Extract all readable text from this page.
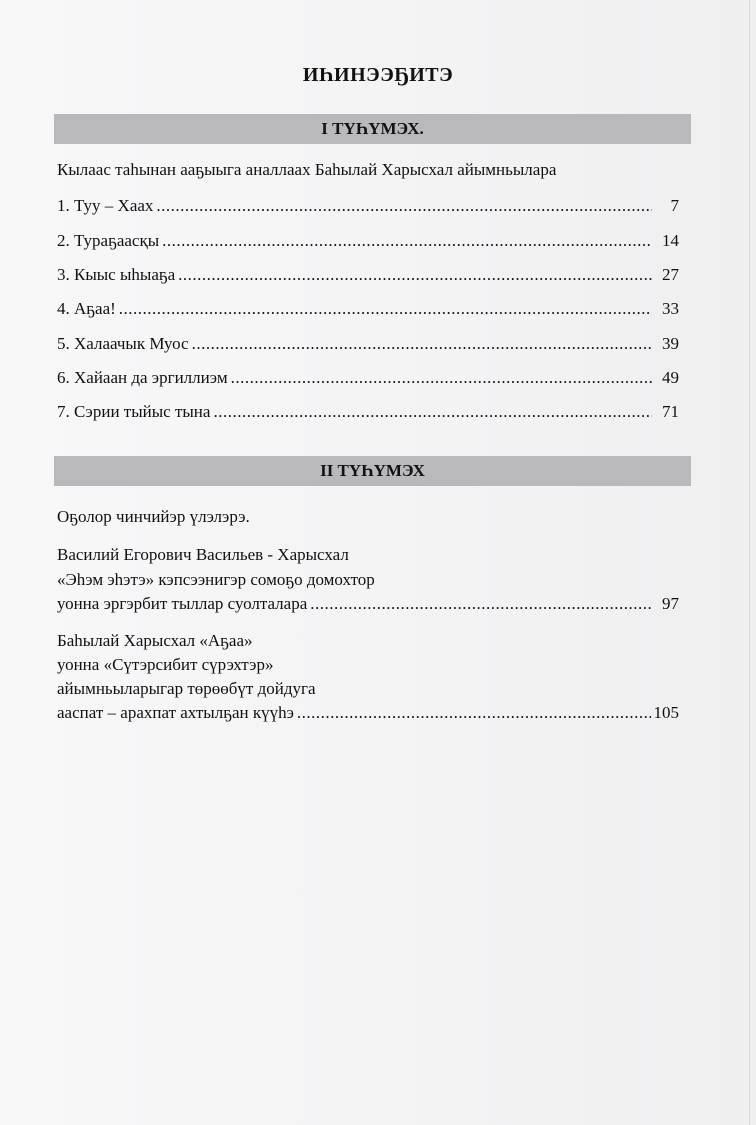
ИҺИНЭЭҔИТЭ
I ТҮҺҮМЭХ.
Кылаас таһынан ааҕыыга аналлаах Баһылай Харысхал айымньылара
1. Туу – Хаах .....	7
2. Тураҕаасқы .....	14
3. Кыыс ыһыаҕа .....	27
4. Аҕаа! .....	33
5. Халаачык Муос .....	39
6. Хайаан да эргиллиэм .....	49
7. Сэрии тыйыс тына .....	71
II ТҮҺҮМЭХ
Оҕолор чинчийэр үлэлэрэ.
Василий Егорович Васильев - Харысхал
«Эһэм эһэтэ» кэпсээнигэр сомоҕо домохтор
уонна эргэрбит тыллар суолталара .....	97
Баһылай Харысхал «Аҕаа»
уонна «Сүтэрсибит сүрэхтэр»
айымньыларыгар төрөөбүт дойдуга
ааспат – арахпат ахтылҕан күүһэ .....	105
